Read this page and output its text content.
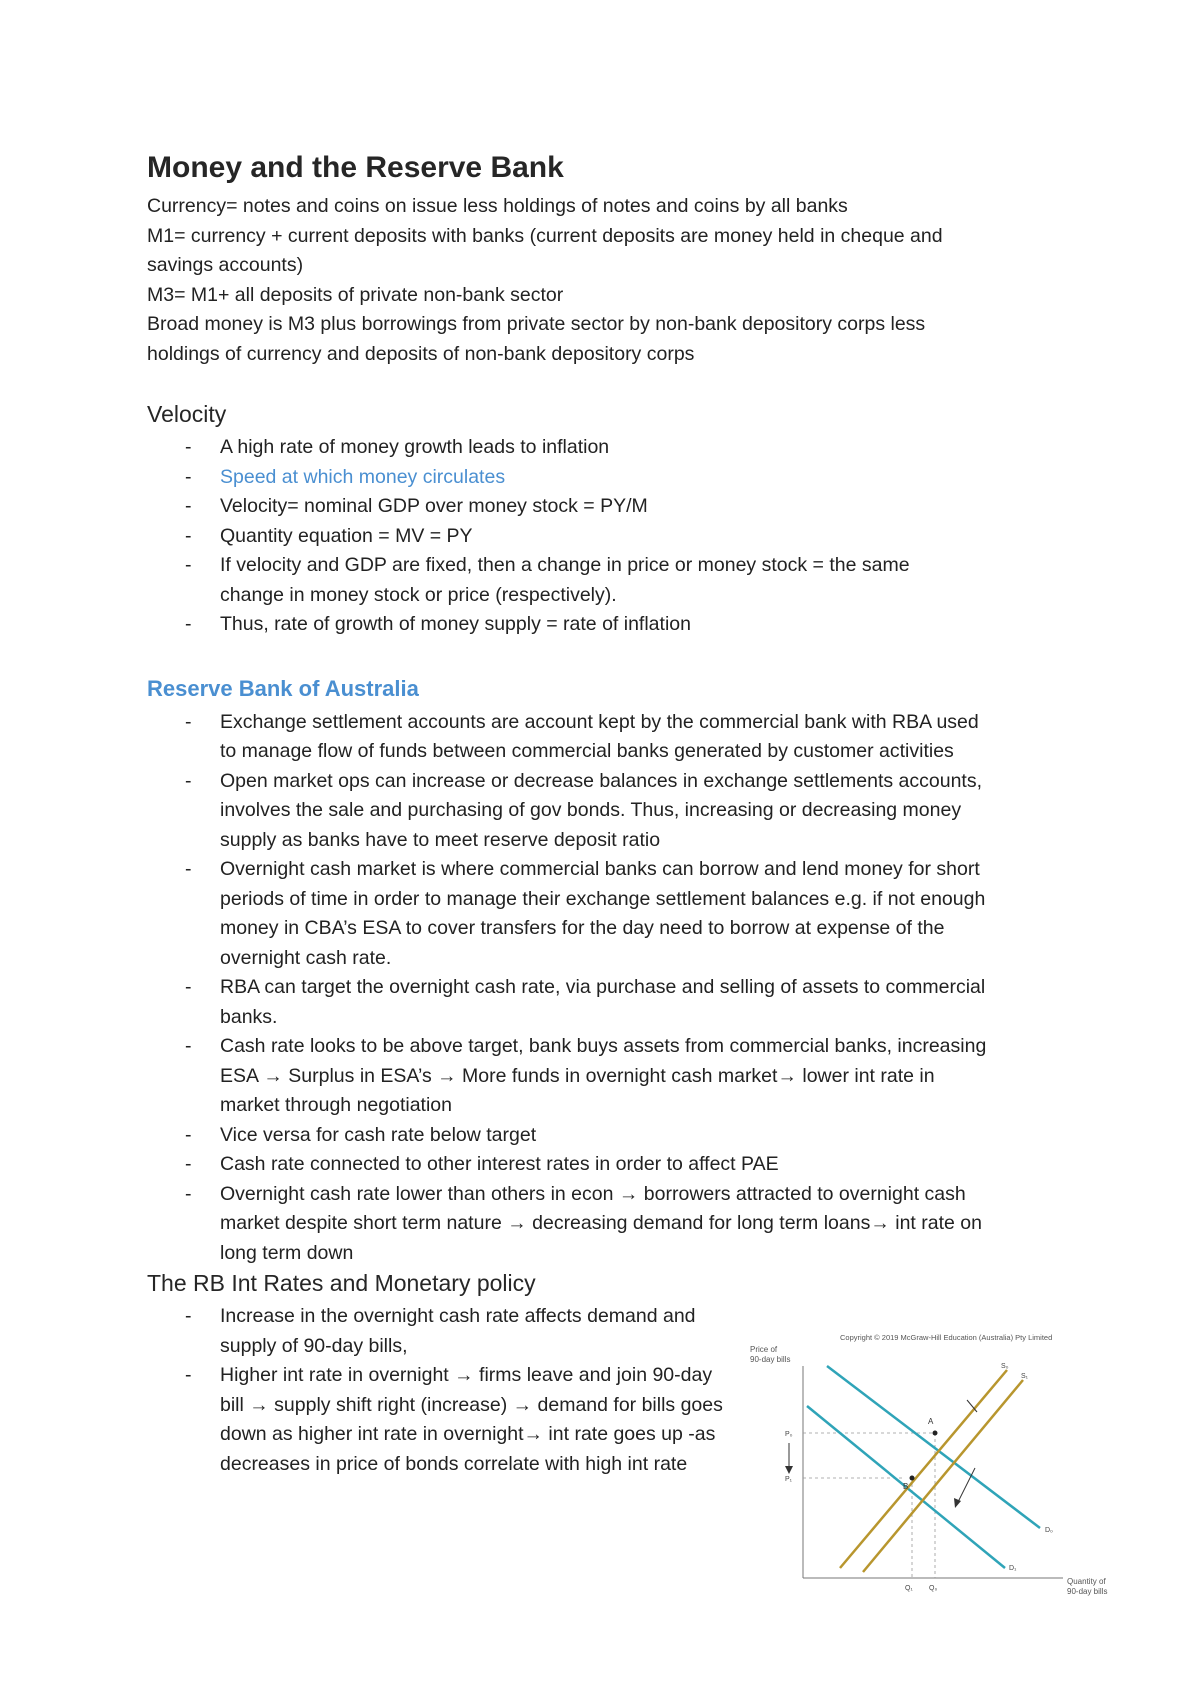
Money and the Reserve Bank

Currency= notes and coins on issue less holdings of notes and coins by all banks

M1= currency + current deposits with banks (current deposits are money held in cheque and

savings accounts)

M3= M1+ all deposits of private non-bank sector

Broad money is M3 plus borrowings from private sector by non-bank depository corps less

holdings of currency and deposits of non-bank depository corps

Velocity
- A high rate of money growth leads to inflation
- Speed at which money circulates
- Velocity= nominal GDP over money stock = PY/M
- Quantity equation = MV = PY
- If velocity and GDP are fixed, then a change in price or money stock = the same change in money stock or price (respectively).
- Thus, rate of growth of money supply = rate of inflation
Reserve Bank of Australia
- Exchange settlement accounts are account kept by the commercial bank with RBA used to manage flow of funds between commercial banks generated by customer activities
- Open market ops can increase or decrease balances in exchange settlements accounts, involves the sale and purchasing of gov bonds. Thus, increasing or decreasing money supply as banks have to meet reserve deposit ratio
- Overnight cash market is where commercial banks can borrow and lend money for short periods of time in order to manage their exchange settlement balances e.g. if not enough money in CBA’s ESA to cover transfers for the day need to borrow at expense of the overnight cash rate.
- RBA can target the overnight cash rate, via purchase and selling of assets to commercial banks.
- Cash rate looks to be above target, bank buys assets from commercial banks, increasing ESA → Surplus in ESA’s → More funds in overnight cash market→ lower int rate in market through negotiation
- Vice versa for cash rate below target
- Cash rate connected to other interest rates in order to affect PAE
- Overnight cash rate lower than others in econ → borrowers attracted to overnight cash market despite short term nature → decreasing demand for long term loans→ int rate on long term down
The RB Int Rates and Monetary policy
- Increase in the overnight cash rate affects demand and supply of 90-day bills,
- Higher int rate in overnight → firms leave and join 90-day bill → supply shift right (increase) → demand for bills goes down as higher int rate in overnight→ int rate goes up -as decreases in price of bonds correlate with high int rate
Copyright © 2019 McGraw-Hill Education (Australia) Pty Limited
Price of
90-day bills
Quantity of
90-day bills
A
B
P₀
P₁
Q₁ Q₀
S₀
S₁
D₀
D₁
